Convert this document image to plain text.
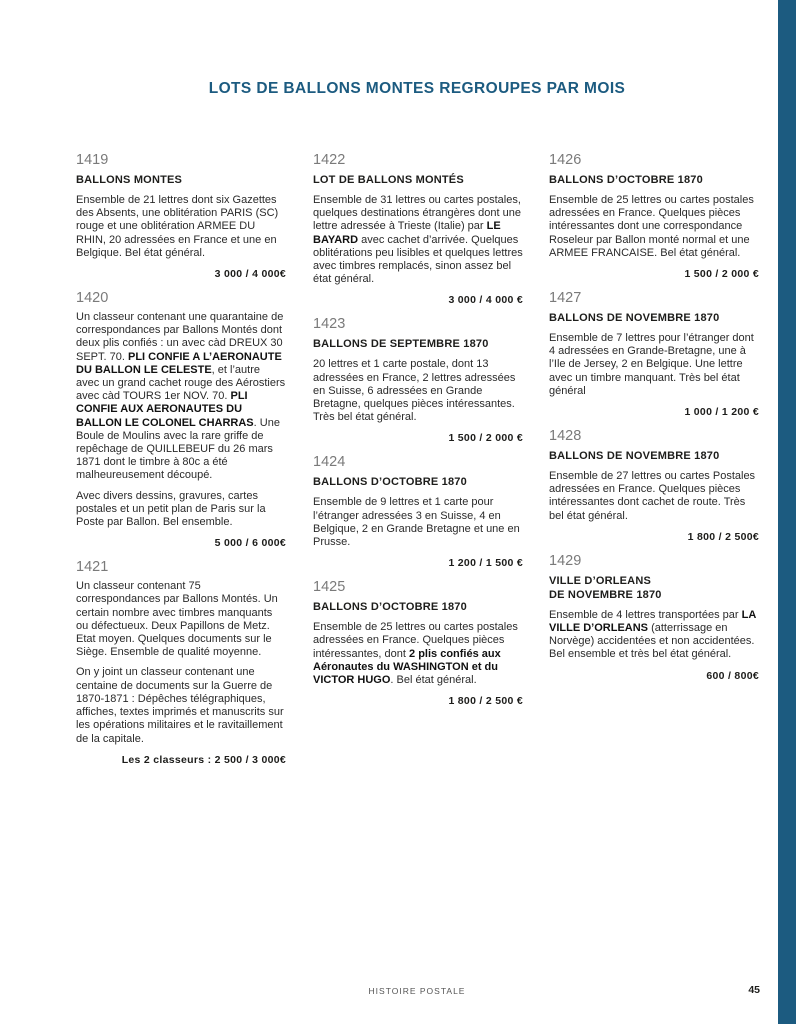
LOTS DE BALLONS MONTES REGROUPES PAR MOIS
1419
BALLONS MONTES

Ensemble de 21 lettres dont six Gazettes des Absents, une oblitération PARIS (SC) rouge et une oblitération ARMEE DU RHIN, 20 adressées en France et une en Belgique. Bel état général.

3 000 / 4 000€
1420

Un classeur contenant une quarantaine de correspondances par Ballons Montés dont deux plis confiés : un avec càd DREUX 30 SEPT. 70. PLI CONFIE A L’AERONAUTE DU BALLON LE CELESTE, et l’autre avec un grand cachet rouge des Aérostiers avec càd TOURS 1er NOV. 70. PLI CONFIE AUX AERONAUTES DU BALLON LE COLONEL CHARRAS. Une Boule de Moulins avec la rare griffe de repêchage de QUILLEBEUF du 26 mars 1871 dont le timbre à 80c a été malheureusement découpé.

Avec divers dessins, gravures, cartes postales et un petit plan de Paris sur la Poste par Ballon. Bel ensemble.

5 000 / 6 000€
1421

Un classeur contenant 75 correspondances par Ballons Montés. Un certain nombre avec timbres manquants ou défectueux. Deux Papillons de Metz. Etat moyen. Quelques documents sur le Siège. Ensemble de qualité moyenne.

On y joint un classeur contenant une centaine de documents sur la Guerre de 1870-1871 : Dépêches télégraphiques, affiches, textes imprimés et manuscrits sur les opérations militaires et le ravitaillement de la capitale.

Les 2 classeurs : 2 500 / 3 000€
1422
LOT DE BALLONS MONTÉS

Ensemble de 31 lettres ou cartes postales, quelques destinations étrangères dont une lettre adressée à Trieste (Italie) par LE BAYARD avec cachet d’arrivée. Quelques oblitérations peu lisibles et quelques lettres avec timbres remplacés, sinon assez bel état général.

3 000 / 4 000 €
1423
BALLONS DE SEPTEMBRE 1870

20 lettres et 1 carte postale, dont 13 adressées en France, 2 lettres adressées en Suisse, 6 adressées en Grande Bretagne, quelques pièces intéressantes. Très bel état général.

1 500 / 2 000 €
1424
BALLONS D’OCTOBRE 1870

Ensemble de 9 lettres et 1 carte pour l’étranger adressées 3 en Suisse, 4 en Belgique, 2 en Grande Bretagne et une en Prusse.

1 200 / 1 500 €
1425
BALLONS D’OCTOBRE 1870

Ensemble de 25 lettres ou cartes postales adressées en France. Quelques pièces intéressantes, dont 2 plis confiés aux Aéronautes du WASHINGTON et du VICTOR HUGO. Bel état général.

1 800 / 2 500 €
1426
BALLONS D’OCTOBRE 1870

Ensemble de 25 lettres ou cartes postales adressées en France. Quelques pièces intéressantes dont une correspondance Roseleur par Ballon monté normal et une ARMEE FRANCAISE. Bel état général.

1 500 / 2 000 €
1427
BALLONS DE NOVEMBRE 1870

Ensemble de 7 lettres pour l’étranger dont 4 adressées en Grande-Bretagne, une à l’Ile de Jersey, 2 en Belgique. Une lettre avec un timbre manquant. Très bel état général

1 000 / 1 200 €
1428
BALLONS DE NOVEMBRE 1870

Ensemble de 27 lettres ou cartes Postales adressées en France. Quelques pièces intéressantes dont cachet de route. Très bel état général.

1 800 / 2 500€
1429
VILLE D’ORLEANS
DE NOVEMBRE 1870

Ensemble de 4 lettres transportées par LA VILLE D’ORLEANS (atterrissage en Norvège) accidentées et non accidentées. Bel ensemble et très bel état général.

600 / 800€
HISTOIRE POSTALE	45
